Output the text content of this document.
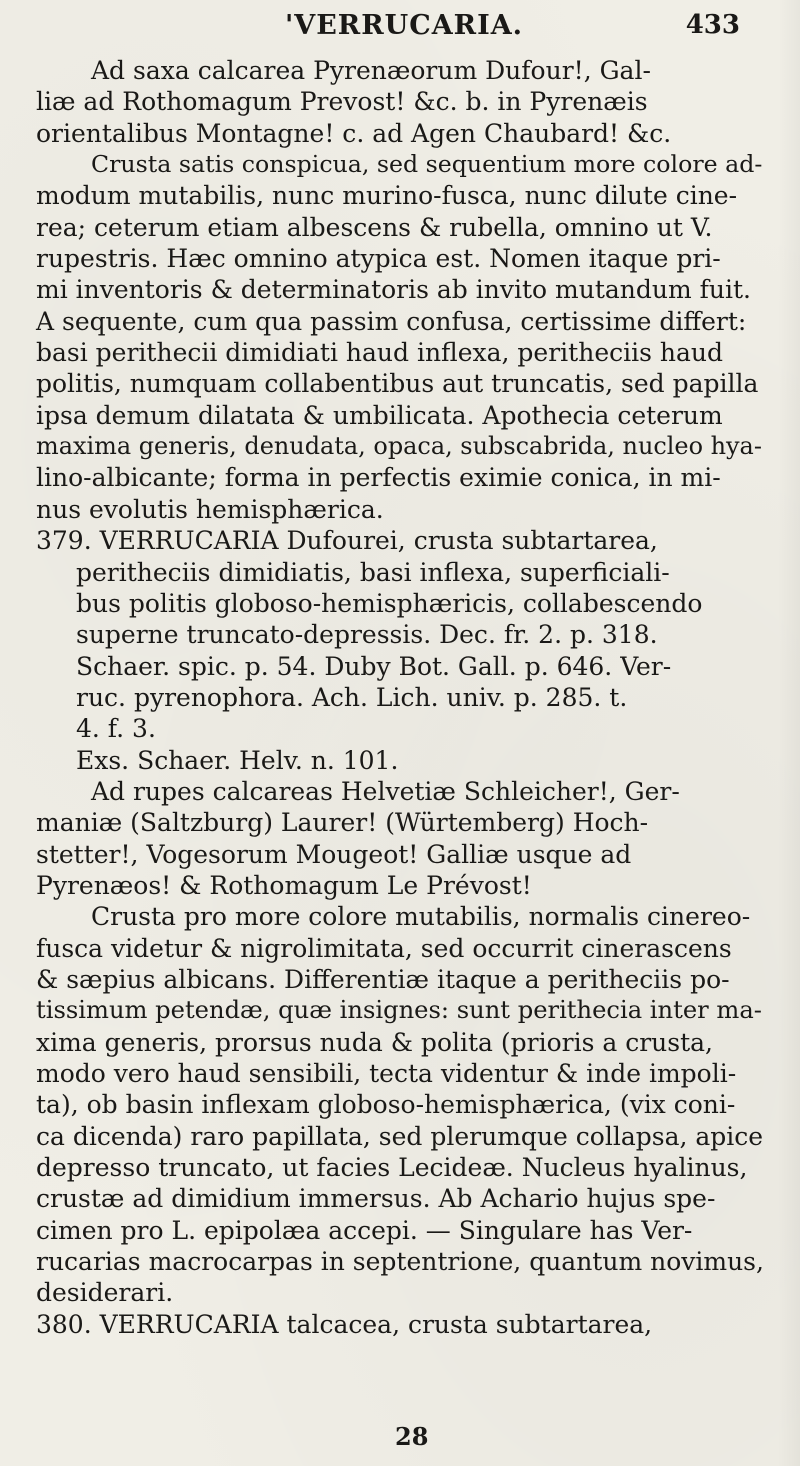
'VERRUCARIA.	433
Ad saxa calcarea Pyrenæorum Dufour!, Gal-
liæ ad Rothomagum Prevost! &c. b. in Pyrenæis
orientalibus Montagne! c. ad Agen Chaubard! &c.
Crusta satis conspicua, sed sequentium more colore ad-
modum mutabilis, nunc murino-fusca, nunc dilute cine-
rea; ceterum etiam albescens & rubella, omnino ut V.
rupestris. Hæc omnino atypica est. Nomen itaque pri-
mi inventoris & determinatoris ab invito mutandum fuit.
A sequente, cum qua passim confusa, certissime differt:
basi perithecii dimidiati haud inflexa, peritheciis haud
politis, numquam collabentibus aut truncatis, sed papilla
ipsa demum dilatata & umbilicata. Apothecia ceterum
maxima generis, denudata, opaca, subscabrida, nucleo hya-
lino-albicante; forma in perfectis eximie conica, in mi-
nus evolutis hemisphærica.
379. VERRUCARIA Dufourei, crusta subtartarea,
peritheciis dimidiatis, basi inflexa, superficiali-
bus politis globoso-hemisphæricis, collabescendo
superne truncato-depressis. Dec. fr. 2. p. 318.
Schaer. spic. p. 54. Duby Bot. Gall. p. 646. Ver-
ruc. pyrenophora. Ach. Lich. univ. p. 285. t.
4. f. 3.
Exs. Schaer. Helv. n. 101.
Ad rupes calcareas Helvetiæ Schleicher!, Ger-
maniæ (Saltzburg) Laurer! (Würtemberg) Hoch-
stetter!, Vogesorum Mougeot! Galliæ usque ad
Pyrenæos! & Rothomagum Le Prévost!
Crusta pro more colore mutabilis, normalis cinereo-
fusca videtur & nigrolimitata, sed occurrit cinerascens
& sæpius albicans. Differentiæ itaque a peritheciis po-
tissimum petendæ, quæ insignes: sunt perithecia inter ma-
xima generis, prorsus nuda & polita (prioris a crusta,
modo vero haud sensibili, tecta videntur & inde impoli-
ta), ob basin inflexam globoso-hemisphærica, (vix coni-
ca dicenda) raro papillata, sed plerumque collapsa, apice
depresso truncato, ut facies Lecideæ. Nucleus hyalinus,
crustæ ad dimidium immersus. Ab Achario hujus spe-
cimen pro L. epipolæa accepi. — Singulare has Ver-
rucarias macrocarpas in septentrione, quantum novimus,
desiderari.
380. VERRUCARIA talcacea, crusta subtartarea,
28
